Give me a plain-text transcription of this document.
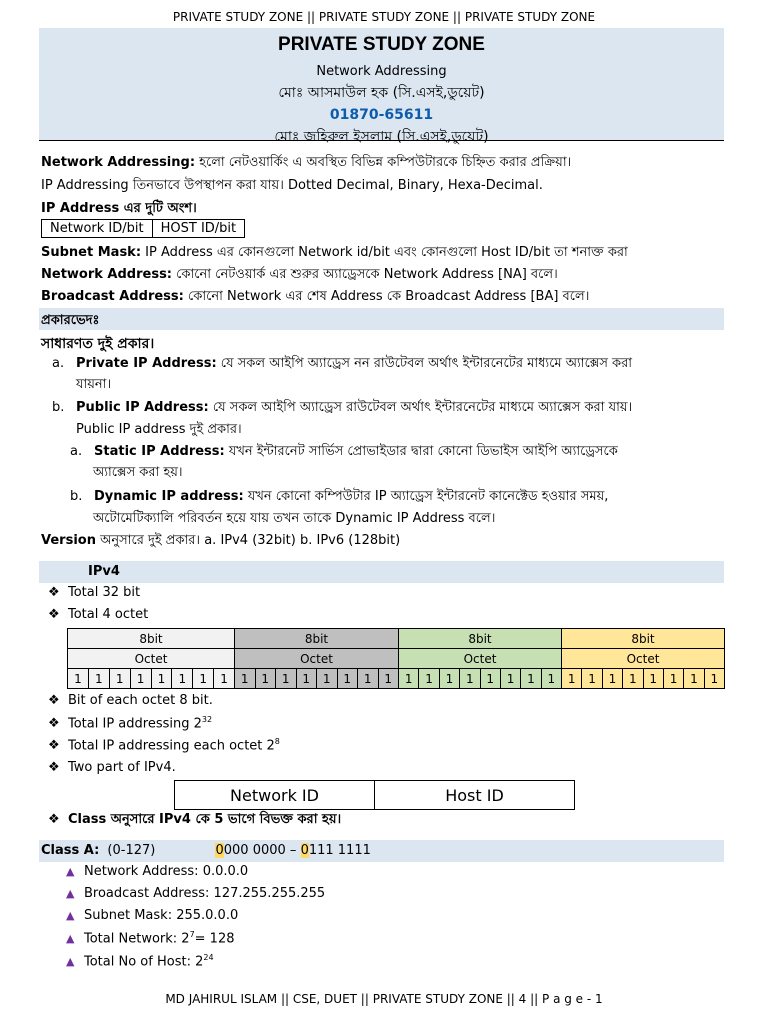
PRIVATE STUDY ZONE || PRIVATE STUDY ZONE || PRIVATE STUDY ZONE
PRIVATE STUDY ZONE
Network Addressing
মোঃ আসমাউল হক (সি.এসই,ডুয়েট)
01870-65611
মোঃ জহিরুল ইসলাম (সি.এসই,ডুয়েট)
Network Addressing: হলো নেটওয়ার্কিং এ অবস্থিত বিভিন্ন কম্পিউটারকে চিহ্নিত করার প্রক্রিয়া।
IP Addressing তিনভাবে উপস্থাপন করা যায়। Dotted Decimal, Binary, Hexa-Decimal.
IP Address এর দুটি অংশ।
Network ID/bit	HOST ID/bit
Subnet Mask: IP Address এর কোনগুলো Network id/bit এবং কোনগুলো Host ID/bit তা শনাক্ত করা
Network Address: কোনো নেটওয়ার্ক এর শুরুর অ্যাড্রেসকে Network Address [NA] বলে।
Broadcast Address: কোনো Network এর শেষ Address কে Broadcast Address [BA] বলে।
প্রকারভেদঃ
সাধারণত দুই প্রকার।
a. Private IP Address: যে সকল আইপি অ্যাড্রেস নন রাউটেবল অর্থাৎ ইন্টারনেটের মাধ্যমে অ্যাক্সেস করা
যায়না।
b. Public IP Address: যে সকল আইপি অ্যাড্রেস রাউটেবল অর্থাৎ ইন্টারনেটের মাধ্যমে অ্যাক্সেস করা যায়।
Public IP address দুই প্রকার।
a. Static IP Address: যখন ইন্টারনেট সার্ভিস প্রোভাইডার দ্বারা কোনো ডিভাইস আইপি অ্যাড্রেসকে
অ্যাক্সেস করা হয়।
b. Dynamic IP address: যখন কোনো কম্পিউটার IP অ্যাড্রেস ইন্টারনেট কানেক্টেড হওয়ার সময়,
অটোমেটিক্যালি পরিবর্তন হয়ে যায় তখন তাকে Dynamic IP Address বলে।
Version অনুসারে দুই প্রকার। a. IPv4 (32bit) b. IPv6 (128bit)
IPv4
❖ Total 32 bit
❖ Total 4 octet
8bit								8bit								8bit								8bit							
Octet								Octet								Octet								Octet							
1	1	1	1	1	1	1	1	1	1	1	1	1	1	1	1	1	1	1	1	1	1	1	1	1	1	1	1	1	1	1	1
❖ Bit of each octet 8 bit.
❖ Total IP addressing $2^{32}$
❖ Total IP addressing each octet $2^8$
❖ Two part of IPv4.
Network ID	Host ID
❖ Class অনুসারে IPv4 কে 5 ভাগে বিভক্ত করা হয়।
Class A: (0-127)	0000 0000 – 0111 1111
▲ Network Address: 0.0.0.0
▲ Broadcast Address: 127.255.255.255
▲ Subnet Mask: 255.0.0.0
▲ Total Network: $2^7= 128$
▲ Total No of Host: $2^{24}$
MD JAHIRUL ISLAM || CSE, DUET || PRIVATE STUDY ZONE || 4 || P a g e - 1
